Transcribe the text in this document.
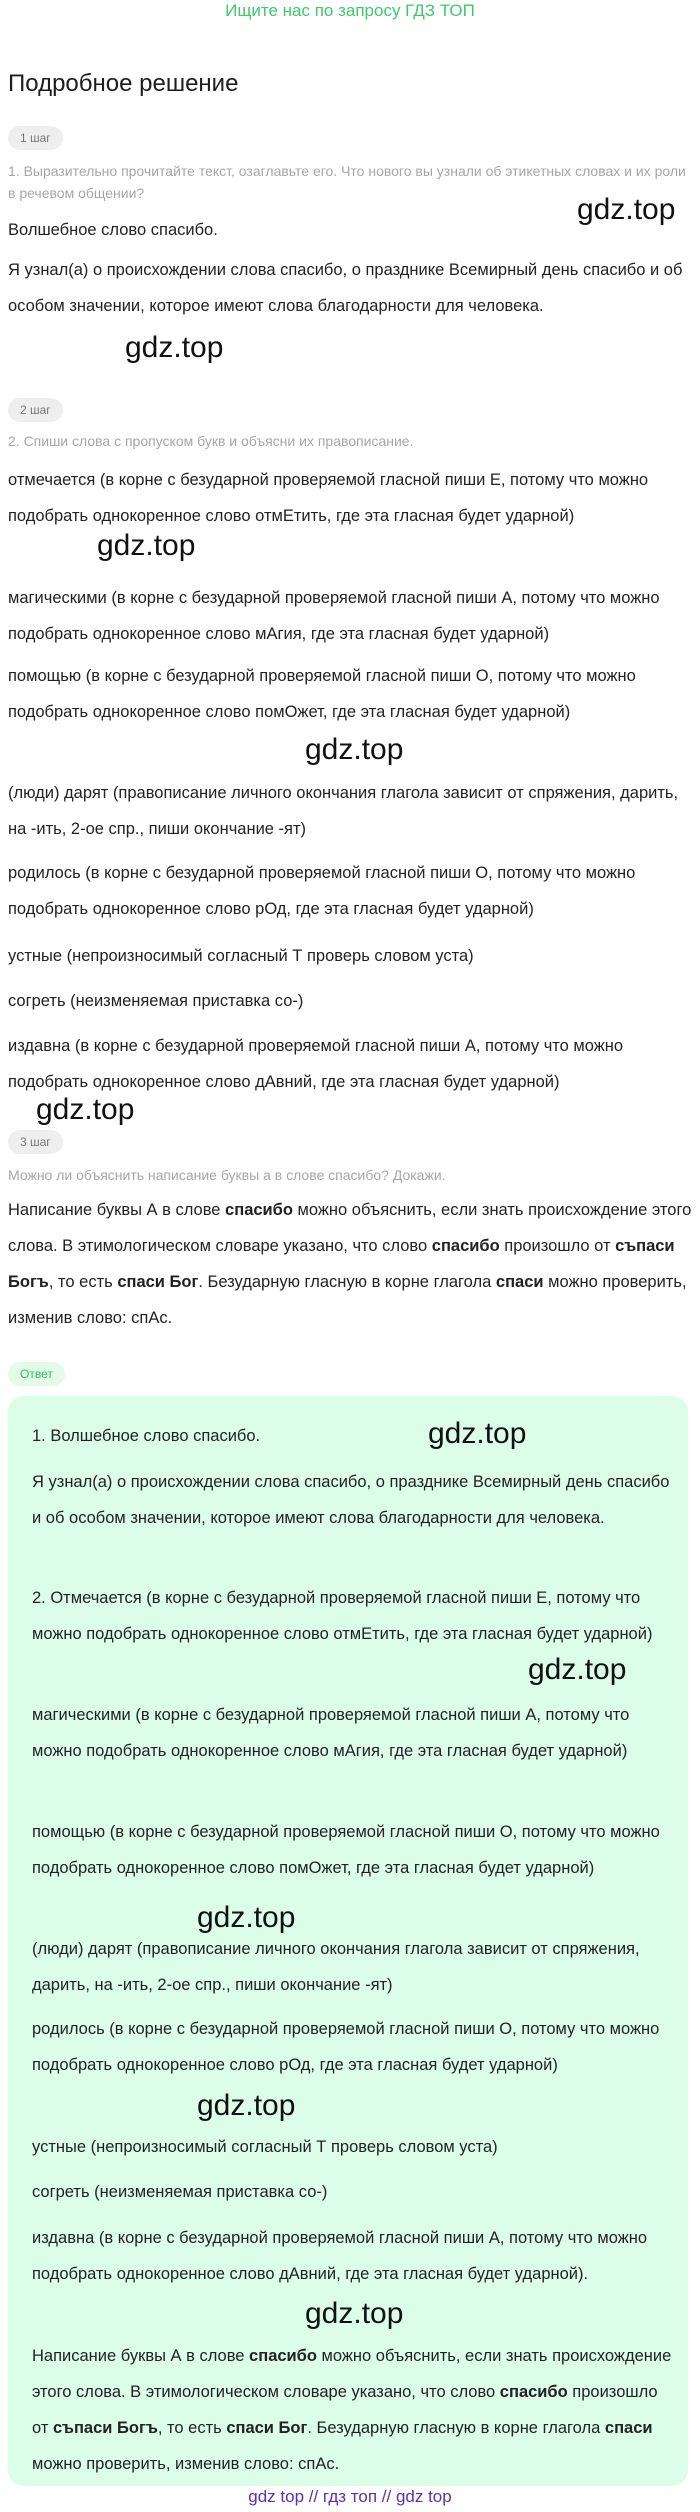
Ищите нас по запросу ГДЗ ТОП
Подробное решение
1 шаг
1. Выразительно прочитайте текст, озаглавьте его. Что нового вы узнали об этикетных словах и их роли в речевом общении?
Волшебное слово спасибо.
Я узнал(а) о происхождении слова спасибо, о празднике Всемирный день спасибо и об особом значении, которое имеют слова благодарности для человека.
gdz.top
gdz.top
2 шаг
2. Спиши слова с пропуском букв и объясни их правописание.
отмечается (в корне с безударной проверяемой гласной пиши Е, потому что можно подобрать однокоренное слово отмЕтить, где эта гласная будет ударной)
магическими (в корне с безударной проверяемой гласной пиши А, потому что можно подобрать однокоренное слово мАгия, где эта гласная будет ударной)
помощью (в корне с безударной проверяемой гласной пиши О, потому что можно подобрать однокоренное слово помОжет, где эта гласная будет ударной)
(люди) дарят (правописание личного окончания глагола зависит от спряжения, дарить, на -ить, 2-ое спр., пиши окончание -ят)
родилось (в корне с безударной проверяемой гласной пиши О, потому что можно подобрать однокоренное слово рОд, где эта гласная будет ударной)
устные (непроизносимый согласный Т проверь словом уста)
согреть (неизменяемая приставка со-)
издавна (в корне с безударной проверяемой гласной пиши А, потому что можно подобрать однокоренное слово дАвний, где эта гласная будет ударной)
gdz.top
gdz.top
gdz.top
3 шаг
Можно ли объяснить написание буквы а в слове спасибо? Докажи.
Написание буквы А в слове спасибо можно объяснить, если знать происхождение этого слова. В этимологическом словаре указано, что слово спасибо произошло от съпаси Богъ, то есть спаси Бог. Безударную гласную в корне глагола спаси можно проверить, изменив слово: спАс.
Ответ
1. Волшебное слово спасибо.
Я узнал(а) о происхождении слова спасибо, о празднике Всемирный день спасибо и об особом значении, которое имеют слова благодарности для человека.
2. Отмечается (в корне с безударной проверяемой гласной пиши Е, потому что можно подобрать однокоренное слово отмЕтить, где эта гласная будет ударной)
магическими (в корне с безударной проверяемой гласной пиши А, потому что можно подобрать однокоренное слово мАгия, где эта гласная будет ударной)
помощью (в корне с безударной проверяемой гласной пиши О, потому что можно подобрать однокоренное слово помОжет, где эта гласная будет ударной)
(люди) дарят (правописание личного окончания глагола зависит от спряжения, дарить, на -ить, 2-ое спр., пиши окончание -ят)
родилось (в корне с безударной проверяемой гласной пиши О, потому что можно подобрать однокоренное слово рОд, где эта гласная будет ударной)
устные (непроизносимый согласный Т проверь словом уста)
согреть (неизменяемая приставка со-)
издавна (в корне с безударной проверяемой гласной пиши А, потому что можно подобрать однокоренное слово дАвний, где эта гласная будет ударной).
Написание буквы А в слове спасибо можно объяснить, если знать происхождение этого слова. В этимологическом словаре указано, что слово спасибо произошло от съпаси Богъ, то есть спаси Бог. Безударную гласную в корне глагола спаси можно проверить, изменив слово: спАс.
gdz.top
gdz.top
gdz.top
gdz.top
gdz.top
gdz top // гдз топ // gdz top
